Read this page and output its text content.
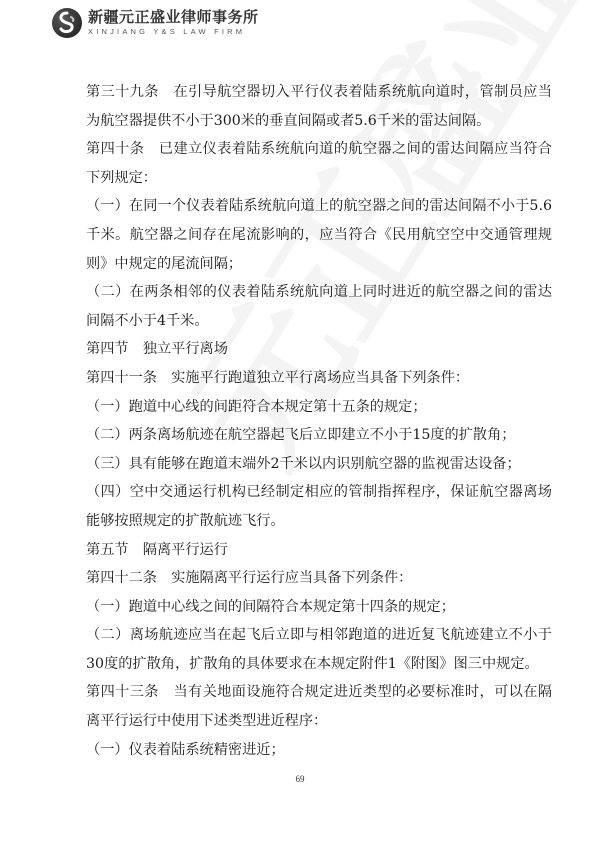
新疆元正盛业律师事务所
XINJIANG Y&S LAW FIRM

第三十九条　在引导航空器切入平行仪表着陆系统航向道时，管制员应当为航空器提供不小于300米的垂直间隔或者5.6千米的雷达间隔。

第四十条　已建立仪表着陆系统航向道的航空器之间的雷达间隔应当符合下列规定：

（一）在同一个仪表着陆系统航向道上的航空器之间的雷达间隔不小于5.6千米。航空器之间存在尾流影响的，应当符合《民用航空空中交通管理规则》中规定的尾流间隔；

（二）在两条相邻的仪表着陆系统航向道上同时进近的航空器之间的雷达间隔不小于4千米。

第四节　独立平行离场

第四十一条　实施平行跑道独立平行离场应当具备下列条件：

（一）跑道中心线的间距符合本规定第十五条的规定；

（二）两条离场航迹在航空器起飞后立即建立不小于15度的扩散角；

（三）具有能够在跑道末端外2千米以内识别航空器的监视雷达设备；

（四）空中交通运行机构已经制定相应的管制指挥程序，保证航空器离场能够按照规定的扩散航迹飞行。

第五节　隔离平行运行

第四十二条　实施隔离平行运行应当具备下列条件：

（一）跑道中心线之间的间隔符合本规定第十四条的规定；

（二）离场航迹应当在起飞后立即与相邻跑道的进近复飞航迹建立不小于30度的扩散角，扩散角的具体要求在本规定附件1《附图》图三中规定。

第四十三条　当有关地面设施符合规定进近类型的必要标准时，可以在隔离平行运行中使用下述类型进近程序：

（一）仪表着陆系统精密进近；

69
